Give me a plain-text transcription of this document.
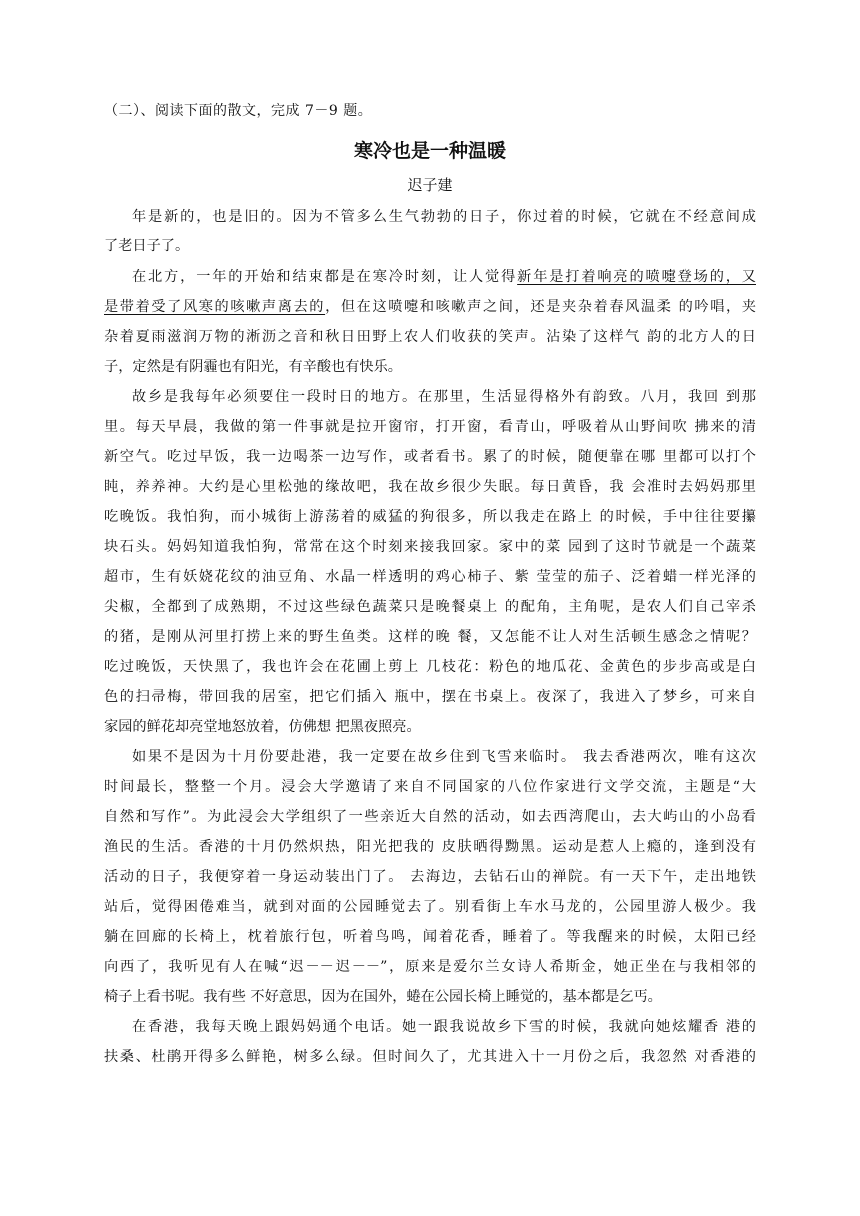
（二）、阅读下面的散文，完成 7－9 题。
寒冷也是一种温暖
迟子建
年是新的，也是旧的。因为不管多么生气勃勃的日子，你过着的时候，它就在不经意间成
了老日子了。
在北方，一年的开始和结束都是在寒冷时刻，让人觉得新年是打着响亮的喷嚏登场的，又
是带着受了风寒的咳嗽声离去的，但在这喷嚏和咳嗽声之间，还是夹杂着春风温柔 的吟唱，夹
杂着夏雨滋润万物的淅沥之音和秋日田野上农人们收获的笑声。沾染了这样气 韵的北方人的日
子，定然是有阴霾也有阳光，有辛酸也有快乐。
故乡是我每年必须要住一段时日的地方。在那里，生活显得格外有韵致。八月，我回 到那
里。每天早晨，我做的第一件事就是拉开窗帘，打开窗，看青山，呼吸着从山野间吹 拂来的清
新空气。吃过早饭，我一边喝茶一边写作，或者看书。累了的时候，随便靠在哪 里都可以打个
盹，养养神。大约是心里松弛的缘故吧，我在故乡很少失眠。每日黄昏，我 会准时去妈妈那里
吃晚饭。我怕狗，而小城街上游荡着的威猛的狗很多，所以我走在路上 的时候，手中往往要攥
块石头。妈妈知道我怕狗，常常在这个时刻来接我回家。家中的菜 园到了这时节就是一个蔬菜
超市，生有妖娆花纹的油豆角、水晶一样透明的鸡心柿子、紫 莹莹的茄子、泛着蜡一样光泽的
尖椒，全都到了成熟期，不过这些绿色蔬菜只是晚餐桌上 的配角，主角呢，是农人们自己宰杀
的猪，是刚从河里打捞上来的野生鱼类。这样的晚 餐，又怎能不让人对生活顿生感念之情呢？
吃过晚饭，天快黑了，我也许会在花圃上剪上 几枝花：粉色的地瓜花、金黄色的步步高或是白
色的扫帚梅，带回我的居室，把它们插入 瓶中，摆在书桌上。夜深了，我进入了梦乡，可来自
家园的鲜花却亮堂地怒放着，仿佛想 把黑夜照亮。
如果不是因为十月份要赴港，我一定要在故乡住到飞雪来临时。 我去香港两次，唯有这次
时间最长，整整一个月。浸会大学邀请了来自不同国家的八位作家进行文学交流，主题是“大
自然和写作”。为此浸会大学组织了一些亲近大自然的活动，如去西湾爬山，去大屿山的小岛看
渔民的生活。香港的十月仍然炽热，阳光把我的 皮肤晒得黝黑。运动是惹人上瘾的，逢到没有
活动的日子，我便穿着一身运动装出门了。 去海边，去钻石山的禅院。有一天下午，走出地铁
站后，觉得困倦难当，就到对面的公园睡觉去了。别看街上车水马龙的，公园里游人极少。我
躺在回廊的长椅上，枕着旅行包，听着鸟鸣，闻着花香，睡着了。等我醒来的时候，太阳已经
向西了，我听见有人在喊“迟－－迟－－”，原来是爱尔兰女诗人希斯金，她正坐在与我相邻的
椅子上看书呢。我有些 不好意思，因为在国外，蜷在公园长椅上睡觉的，基本都是乞丐。
在香港，我每天晚上跟妈妈通个电话。她一跟我说故乡下雪的时候，我就向她炫耀香 港的
扶桑、杜鹃开得多么鲜艳，树多么绿。但时间久了，尤其进入十一月份之后，我忽然 对香港的
